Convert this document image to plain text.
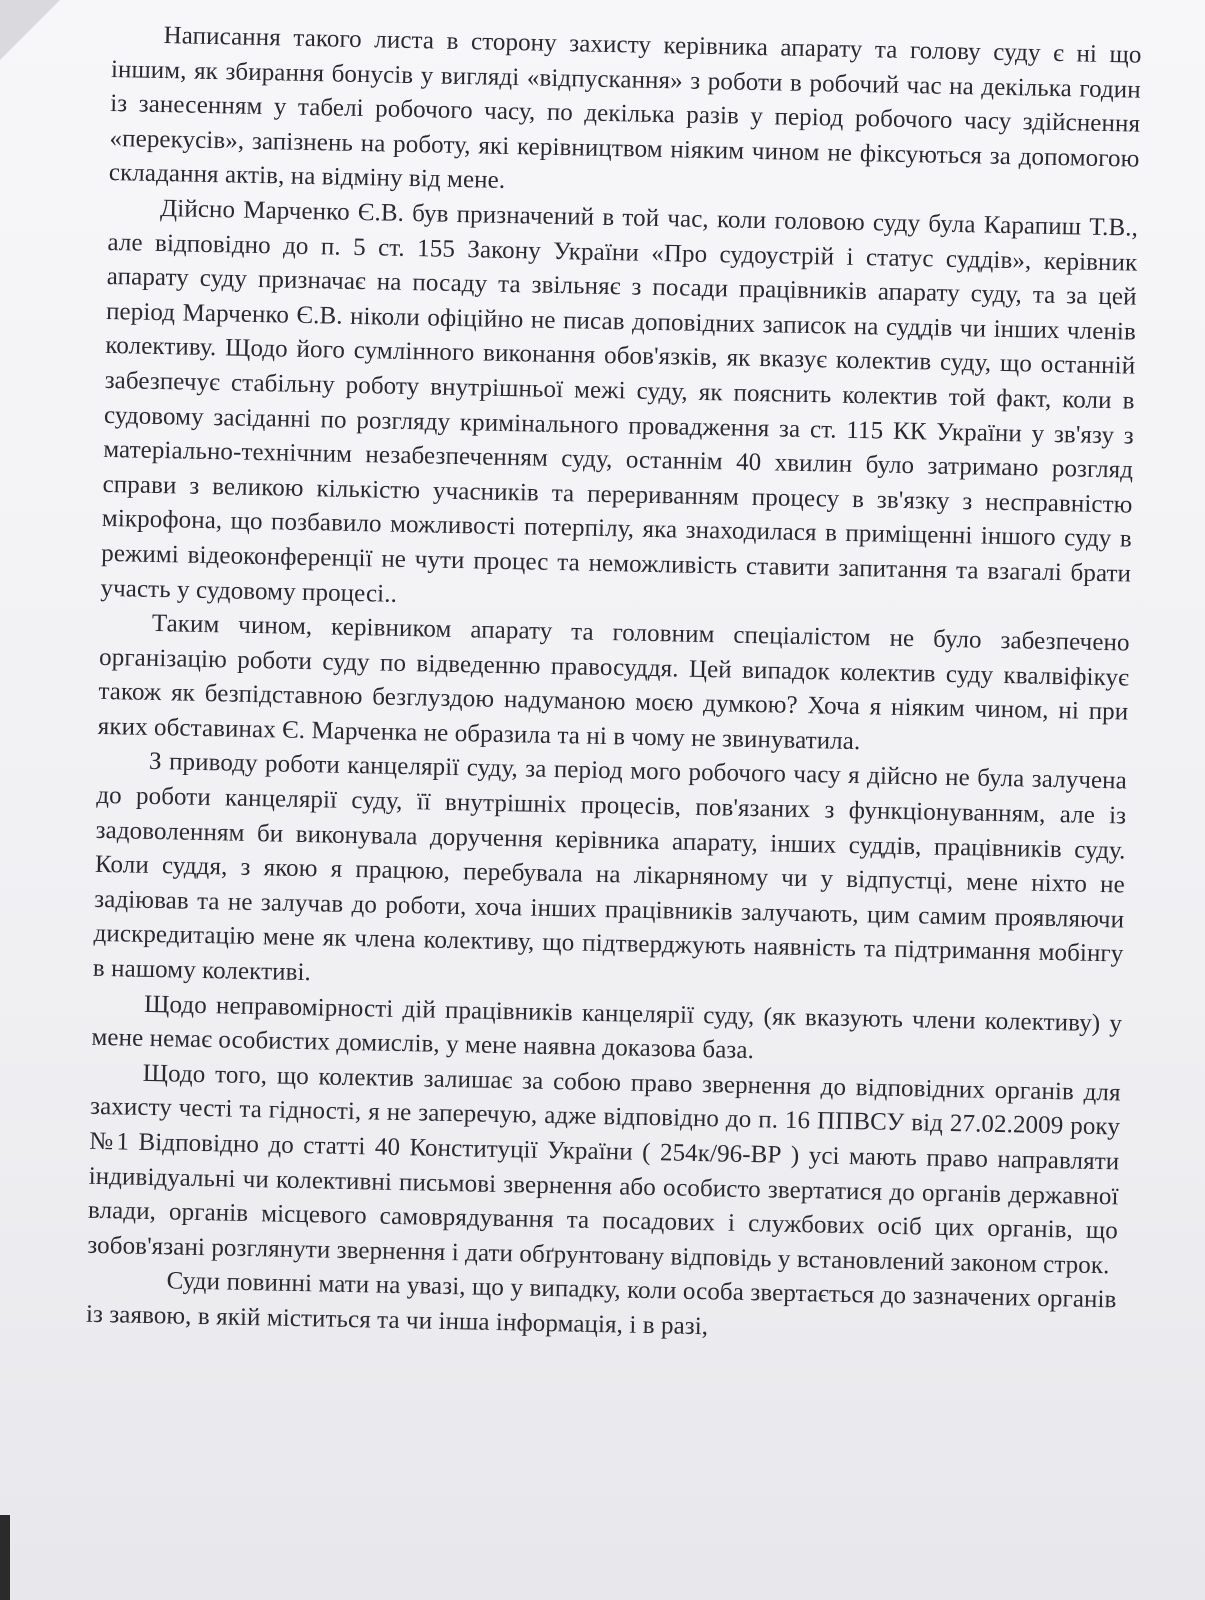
Написання такого листа в сторону захисту керівника апарату та голову суду є ні що іншим, як збирання бонусів у вигляді «відпускання» з роботи в робочий час на декілька годин із занесенням у табелі робочого часу, по декілька разів у період робочого часу здійснення «перекусів», запізнень на роботу, які керівництвом ніяким чином не фіксуються за допомогою складання актів, на відміну від мене.

Дійсно Марченко Є.В. був призначений в той час, коли головою суду була Карапиш Т.В., але відповідно до п. 5 ст. 155 Закону України «Про судоустрій і статус суддів», керівник апарату суду призначає на посаду та звільняє з посади працівників апарату суду, та за цей період Марченко Є.В. ніколи офіційно не писав доповідних записок на суддів чи інших членів колективу. Щодо його сумлінного виконання обов'язків, як вказує колектив суду, що останній забезпечує стабільну роботу внутрішньої межі суду, як пояснить колектив той факт, коли в судовому засіданні по розгляду кримінального провадження за ст. 115 КК України у зв'язу з матеріально-технічним незабезпеченням суду, останнім 40 хвилин було затримано розгляд справи з великою кількістю учасників та перериванням процесу в зв'язку з несправністю мікрофона, що позбавило можливості потерпілу, яка знаходилася в приміщенні іншого суду в режимі відеоконференції не чути процес та неможливість ставити запитання та взагалі брати участь у судовому процесі..

Таким чином, керівником апарату та головним спеціалістом не було забезпечено організацію роботи суду по відведенню правосуддя. Цей випадок колектив суду квалвіфікує також як безпідставною безглуздою надуманою моєю думкою? Хоча я ніяким чином, ні при яких обставинах Є. Марченка не образила та ні в чому не звинуватила.

З приводу роботи канцелярії суду, за період мого робочого часу я дійсно не була залучена до роботи канцелярії суду, її внутрішніх процесів, пов'язаних з функціонуванням, але із задоволенням би виконувала доручення керівника апарату, інших суддів, працівників суду. Коли суддя, з якою я працюю, перебувала на лікарняному чи у відпустці, мене ніхто не задіював та не залучав до роботи, хоча інших працівників залучають, цим самим проявляючи дискредитацію мене як члена колективу, що підтверджують наявність та підтримання мобінгу в нашому колективі.

Щодо неправомірності дій працівників канцелярії суду, (як вказують члени колективу) у мене немає особистих домислів, у мене наявна доказова база.

Щодо того, що колектив залишає за собою право звернення до відповідних органів для захисту честі та гідності, я не заперечую, адже відповідно до п. 16 ППВСУ від 27.02.2009 року №1 Відповідно до статті 40 Конституції України ( 254к/96-ВР ) усі мають право направляти індивідуальні чи колективні письмові звернення або особисто звертатися до органів державної влади, органів місцевого самоврядування та посадових і службових осіб цих органів, що зобов'язані розглянути звернення і дати обґрунтовану відповідь у встановлений законом строк.

Суди повинні мати на увазі, що у випадку, коли особа звертається до зазначених органів із заявою, в якій міститься та чи інша інформація, і в разі,
